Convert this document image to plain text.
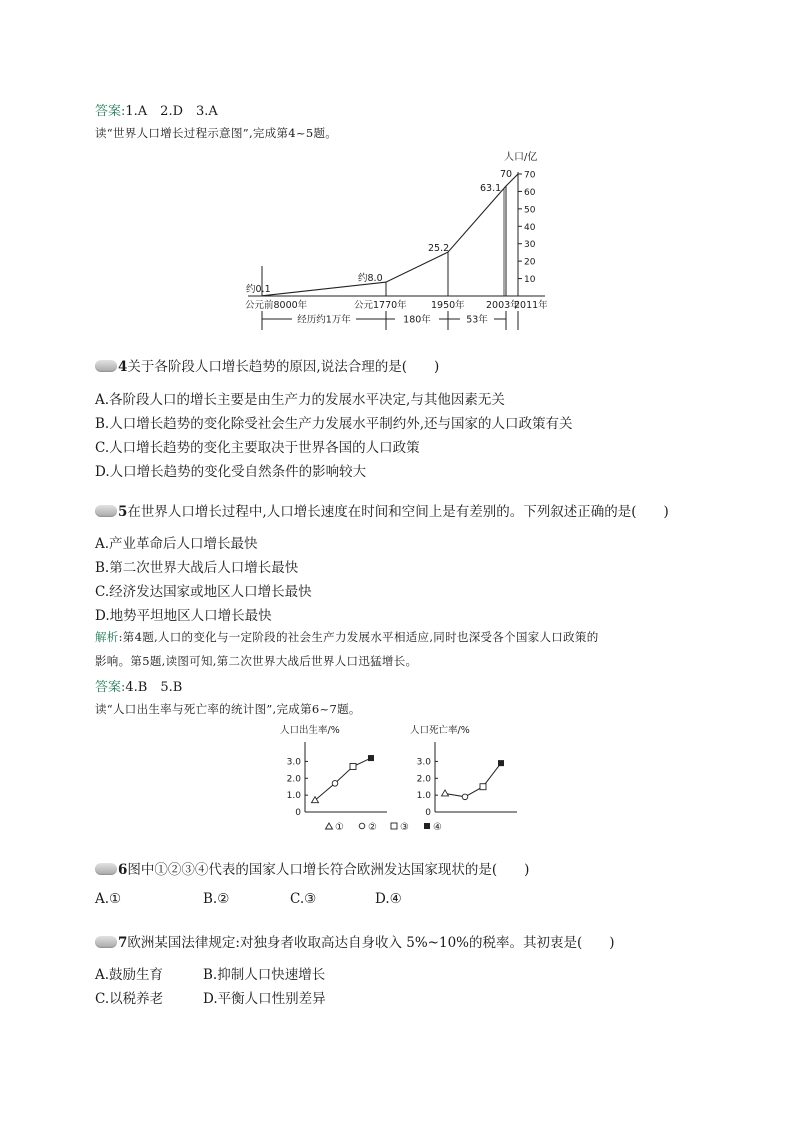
答案:1.A　2.D　3.A
读“世界人口增长过程示意图”,完成第4~5题。
人口/亿
10
20
30
40
50
60
70
约0.1
约8.0
25.2
63.1
70
公元前8000年	公元1770年	1950年 2003年
2011年
经历约1万年	180年	53年
4关于各阶段人口增长趋势的原因,说法合理的是(　　)
A.各阶段人口的增长主要是由生产力的发展水平决定,与其他因素无关
B.人口增长趋势的变化除受社会生产力发展水平制约外,还与国家的人口政策有关
C.人口增长趋势的变化主要取决于世界各国的人口政策
D.人口增长趋势的变化受自然条件的影响较大
5在世界人口增长过程中,人口增长速度在时间和空间上是有差别的。下列叙述正确的是(　　)
A.产业革命后人口增长最快
B.第二次世界大战后人口增长最快
C.经济发达国家或地区人口增长最快
D.地势平坦地区人口增长最快
解析:第4题,人口的变化与一定阶段的社会生产力发展水平相适应,同时也深受各个国家人口政策的
影响。第5题,读图可知,第二次世界大战后世界人口迅猛增长。
答案:4.B　5.B
读“人口出生率与死亡率的统计图”,完成第6~7题。
人口出生率/%
0
1.0
2.0
3.0
人口死亡率/%
0
1.0
2.0
3.0
① ② ③ ④
6图中①②③④代表的国家人口增长符合欧洲发达国家现状的是(　　)
A.①	B.②	C.③	D.④
7欧洲某国法律规定:对独身者收取高达自身收入 5%~10%的税率。其初衷是(　　)
A.鼓励生育	B.抑制人口快速增长
C.以税养老	D.平衡人口性别差异
